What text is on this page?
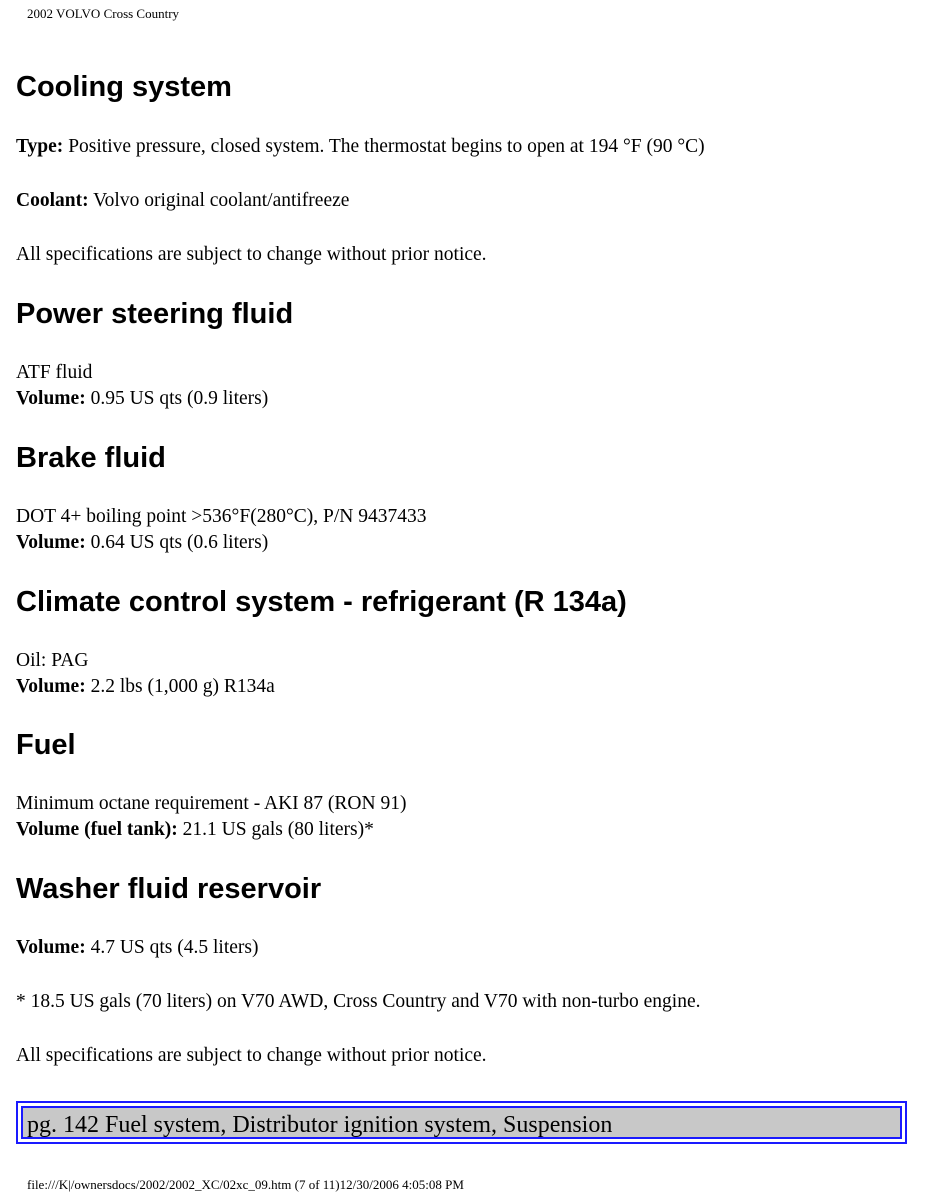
2002 VOLVO Cross Country
Cooling system

Type: Positive pressure, closed system. The thermostat begins to open at 194 °F (90 °C)

Coolant: Volvo original coolant/antifreeze

All specifications are subject to change without prior notice.

Power steering fluid

ATF fluid

Volume: 0.95 US qts (0.9 liters)

Brake fluid

DOT 4+ boiling point >536°F(280°C), P/N 9437433

Volume: 0.64 US qts (0.6 liters)

Climate control system - refrigerant (R 134a)

Oil: PAG

Volume: 2.2 lbs (1,000 g) R134a

Fuel

Minimum octane requirement - AKI 87 (RON 91)

Volume (fuel tank): 21.1 US gals (80 liters)*

Washer fluid reservoir

Volume: 4.7 US qts (4.5 liters)

* 18.5 US gals (70 liters) on V70 AWD, Cross Country and V70 with non-turbo engine.

All specifications are subject to change without prior notice.

pg. 142 Fuel system, Distributor ignition system, Suspension
file:///K|/ownersdocs/2002/2002_XC/02xc_09.htm (7 of 11)12/30/2006 4:05:08 PM
